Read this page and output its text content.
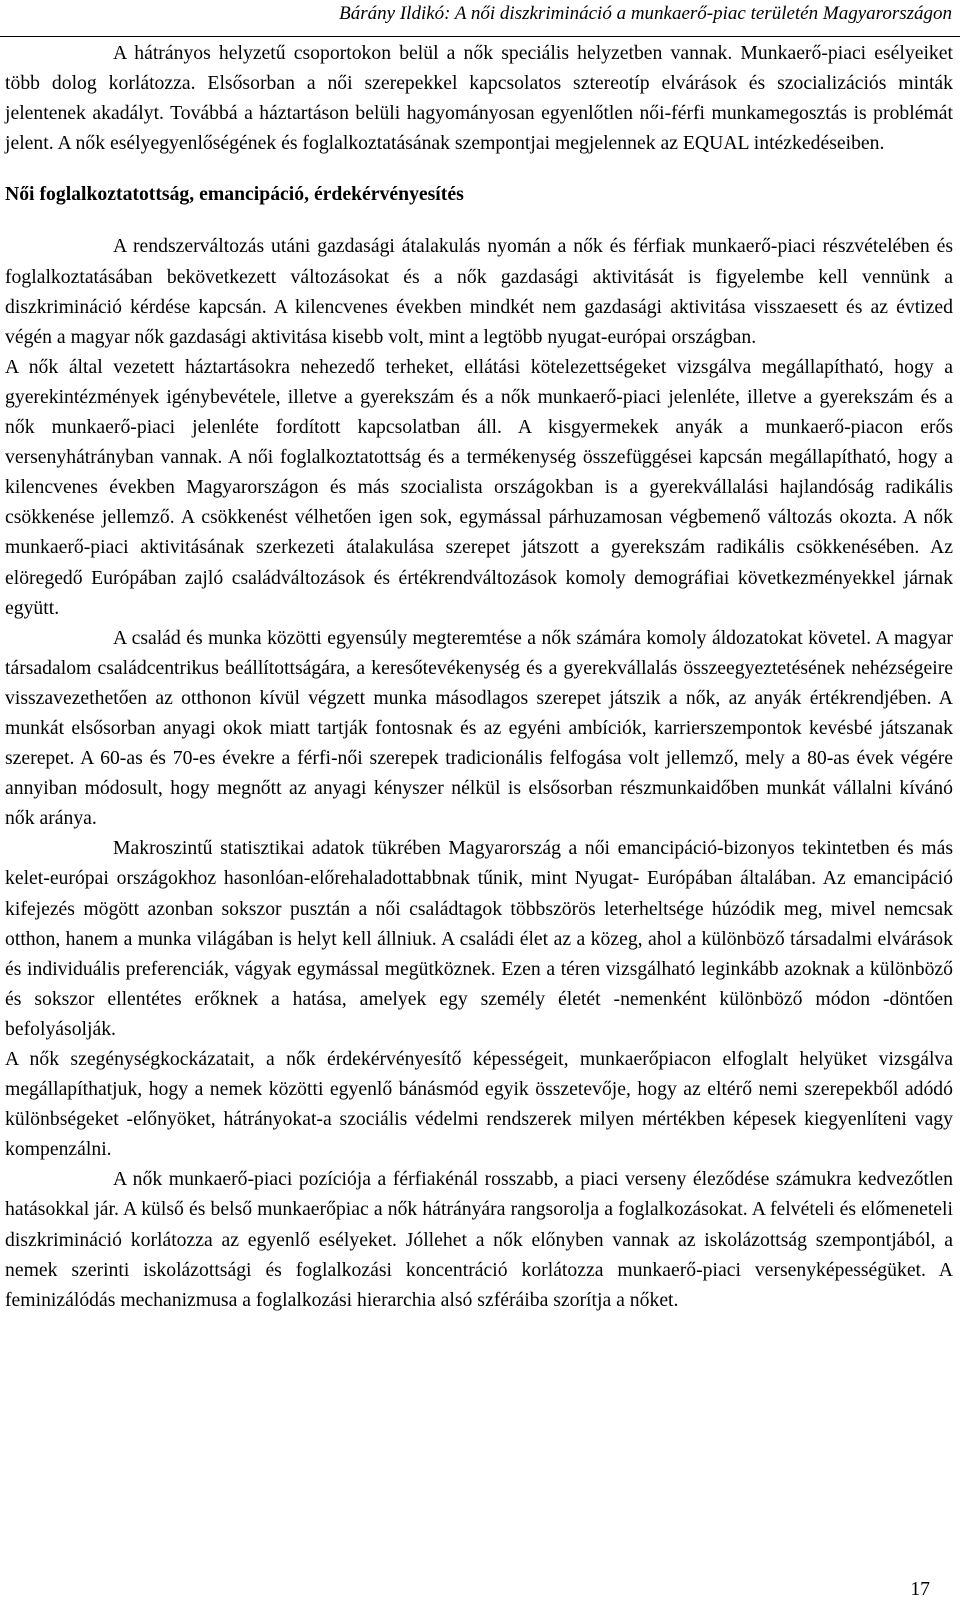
Bárány Ildikó: A női diszkrimináció a munkaerő-piac területén Magyarországon

A hátrányos helyzetű csoportokon belül a nők speciális helyzetben vannak. Munkaerő-piaci esélyeiket több dolog korlátozza. Elsősorban a női szerepekkel kapcsolatos sztereotíp elvárások és szocializációs minták jelentenek akadályt. Továbbá a háztartáson belüli hagyományosan egyenlőtlen női-férfi munkamegosztás is problémát jelent. A nők esélyegyenlőségének és foglalkoztatásának szempontjai megjelennek az EQUAL intézkedéseiben.

Női foglalkoztatottság, emancipáció, érdekérvényesítés

A rendszerváltozás utáni gazdasági átalakulás nyomán a nők és férfiak munkaerő-piaci részvételében és foglalkoztatásában bekövetkezett változásokat és a nők gazdasági aktivitását is figyelembe kell vennünk a diszkrimináció kérdése kapcsán. A kilencvenes években mindkét nem gazdasági aktivitása visszaesett és az évtized végén a magyar nők gazdasági aktivitása kisebb volt, mint a legtöbb nyugat-európai országban.

A nők által vezetett háztartásokra nehezedő terheket, ellátási kötelezettségeket vizsgálva megállapítható, hogy a gyerekintézmények igénybevétele, illetve a gyerekszám és a nők munkaerő-piaci jelenléte, illetve a gyerekszám és a nők munkaerő-piaci jelenléte fordított kapcsolatban áll. A kisgyermekek anyák a munkaerő-piacon erős versenyhátrányban vannak. A női foglalkoztatottság és a termékenység összefüggései kapcsán megállapítható, hogy a kilencvenes években Magyarországon és más szocialista országokban is a gyerekvállalási hajlandóság radikális csökkenése jellemző. A csökkenést vélhetően igen sok, egymással párhuzamosan végbemenő változás okozta. A nők munkaerő-piaci aktivitásának szerkezeti átalakulása szerepet játszott a gyerekszám radikális csökkenésében. Az elöregedő Európában zajló családváltozások és értékrendváltozások komoly demográfiai következményekkel járnak együtt.

A család és munka közötti egyensúly megteremtése a nők számára komoly áldozatokat követel. A magyar társadalom családcentrikus beállítottságára, a keresőtevékenység és a gyerekvállalás összeegyeztetésének nehézségeire visszavezethetően az otthonon kívül végzett munka másodlagos szerepet játszik a nők, az anyák értékrendjében. A munkát elsősorban anyagi okok miatt tartják fontosnak és az egyéni ambíciók, karrierszempontok kevésbé játszanak szerepet. A 60-as és 70-es évekre a férfi-női szerepek tradicionális felfogása volt jellemző, mely a 80-as évek végére annyiban módosult, hogy megnőtt az anyagi kényszer nélkül is elsősorban részmunkaidőben munkát vállalni kívánó nők aránya.

Makroszintű statisztikai adatok tükrében Magyarország a női emancipáció-bizonyos tekintetben és más kelet-európai országokhoz hasonlóan-előrehaladottabbnak tűnik, mint Nyugat- Európában általában. Az emancipáció kifejezés mögött azonban sokszor pusztán a női családtagok többszörös leterheltsége húzódik meg, mivel nemcsak otthon, hanem a munka világában is helyt kell állniuk. A családi élet az a közeg, ahol a különböző társadalmi elvárások és individuális preferenciák, vágyak egymással megütköznek. Ezen a téren vizsgálható leginkább azoknak a különböző és sokszor ellentétes erőknek a hatása, amelyek egy személy életét -nemenként különböző módon -döntően befolyásolják.

A nők szegénységkockázatait, a nők érdekérvényesítő képességeit, munkaerőpiacon elfoglalt helyüket vizsgálva megállapíthatjuk, hogy a nemek közötti egyenlő bánásmód egyik összetevője, hogy az eltérő nemi szerepekből adódó különbségeket -előnyöket, hátrányokat-a szociális védelmi rendszerek milyen mértékben képesek kiegyenlíteni vagy kompenzálni.

A nők munkaerő-piaci pozíciója a férfiakénál rosszabb, a piaci verseny éleződése számukra kedvezőtlen hatásokkal jár. A külső és belső munkaerőpiac a nők hátrányára rangsorolja a foglalkozásokat. A felvételi és előmeneteli diszkrimináció korlátozza az egyenlő esélyeket. Jóllehet a nők előnyben vannak az iskolázottság szempontjából, a nemek szerinti iskolázottsági és foglalkozási koncentráció korlátozza munkaerő-piaci versenyképességüket. A feminizálódás mechanizmusa a foglalkozási hierarchia alsó szféráiba szorítja a nőket.

17
